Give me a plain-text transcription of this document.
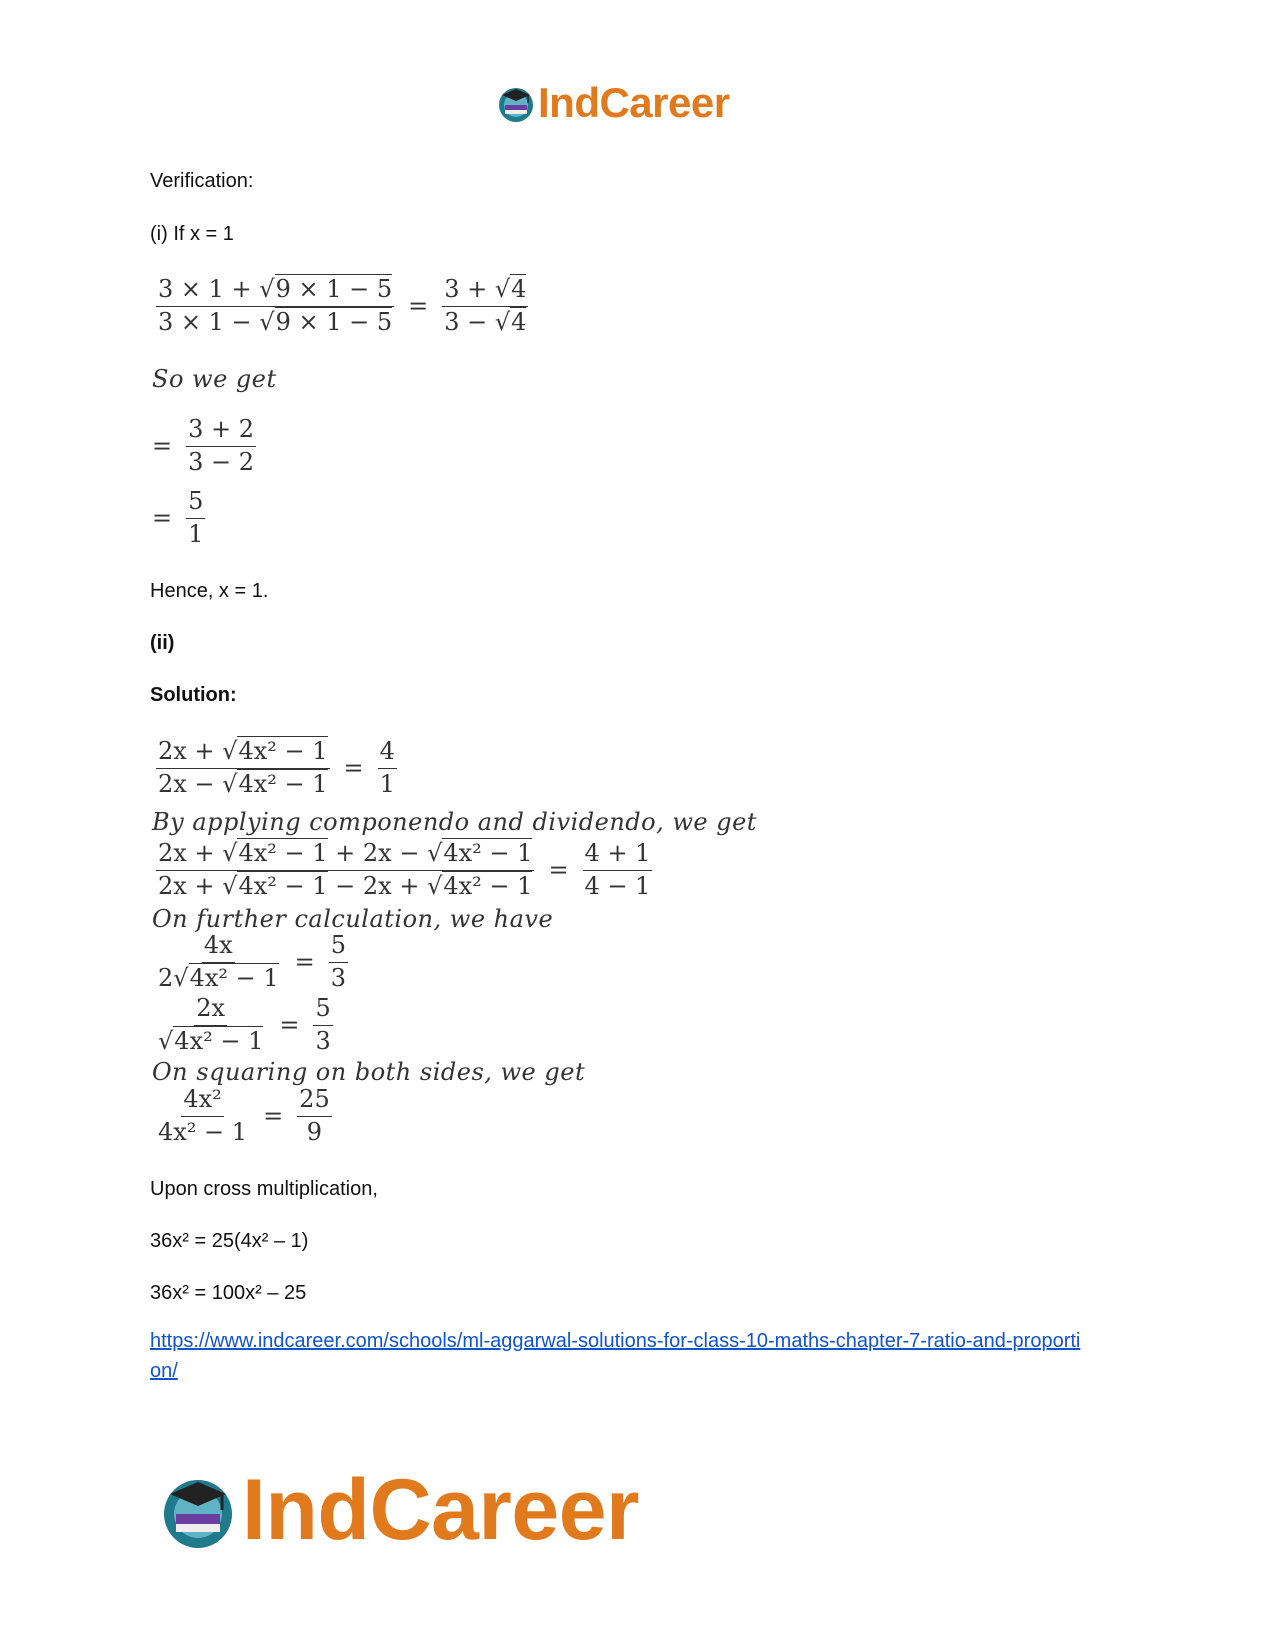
IndCareer
Verification:
(i) If x = 1
$\frac{3 \times 1 + √9 \times 1 - 5}{3 \times 1 - √9 \times 1 - 5} = \frac{3 + √4}{3 - √4}$
So we get
= $\frac{3 + 2}{3 - 2}$
= $\frac{5}{1}$
Hence, x = 1.
(ii)
Solution:
$\frac{\text{2x + √4x² − 1}}{\text{2x − √4x² − 1}} = \frac{4}{1}$
By applying componendo and dividendo, we get
$\frac{\text{2x + √4x² − 1 + 2x − √4x² − 1}}{\text{2x + √4x² − 1 − 2x + √4x² − 1}} = \frac{4 + 1}{4 - 1}$
On further calculation, we have
$\frac{4x}{\text{2√4x² − 1}} = \frac{5}{3}$
$\frac{2x}{\text{√4x² − 1}} = \frac{5}{3}$
On squaring on both sides, we get
$\frac{\text{4x²}}{\text{4x² − 1}} = \frac{25}{9}$
Upon cross multiplication,
36x² = 25(4x² – 1)
36x² = 100x² – 25
https://www.indcareer.com/schools/ml-aggarwal-solutions-for-class-10-maths-chapter-7-ratio-and-proportion/
IndCareer
